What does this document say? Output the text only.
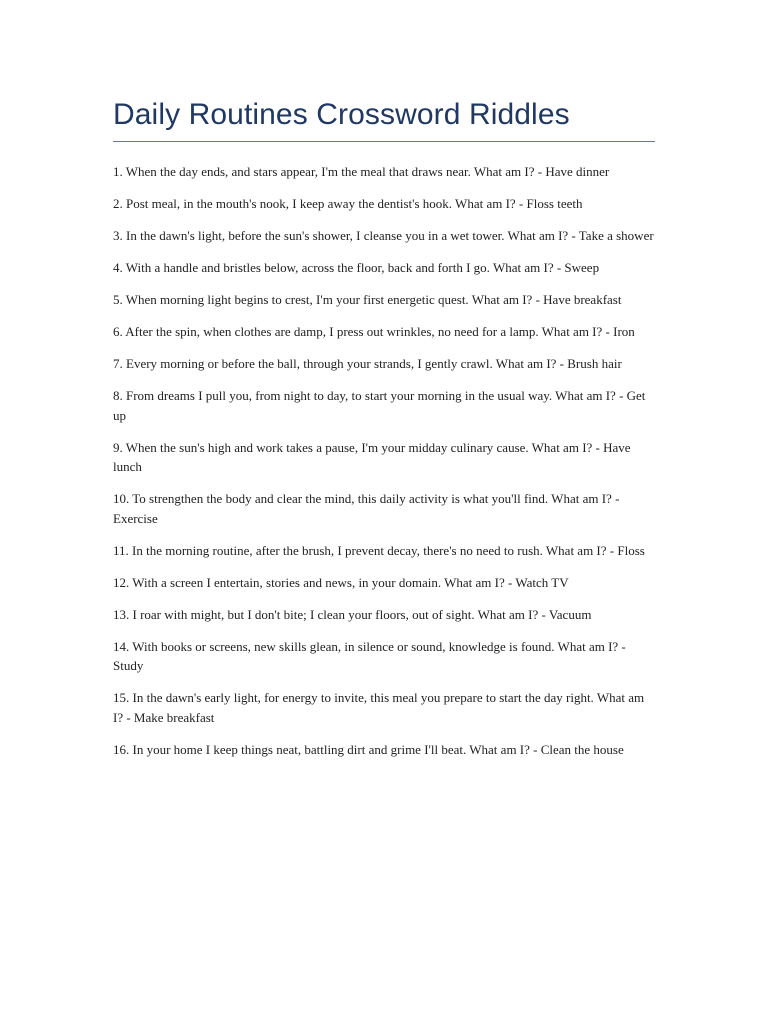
Daily Routines Crossword Riddles

1. When the day ends, and stars appear, I'm the meal that draws near. What am I? - Have dinner

2. Post meal, in the mouth's nook, I keep away the dentist's hook. What am I? - Floss teeth

3. In the dawn's light, before the sun's shower, I cleanse you in a wet tower. What am I? - Take a shower

4. With a handle and bristles below, across the floor, back and forth I go. What am I? - Sweep

5. When morning light begins to crest, I'm your first energetic quest. What am I? - Have breakfast

6. After the spin, when clothes are damp, I press out wrinkles, no need for a lamp. What am I? - Iron

7. Every morning or before the ball, through your strands, I gently crawl. What am I? - Brush hair

8. From dreams I pull you, from night to day, to start your morning in the usual way. What am I? - Get up

9. When the sun's high and work takes a pause, I'm your midday culinary cause. What am I? - Have lunch

10. To strengthen the body and clear the mind, this daily activity is what you'll find. What am I? - Exercise

11. In the morning routine, after the brush, I prevent decay, there's no need to rush. What am I? - Floss

12. With a screen I entertain, stories and news, in your domain. What am I? - Watch TV

13. I roar with might, but I don't bite; I clean your floors, out of sight. What am I? - Vacuum

14. With books or screens, new skills glean, in silence or sound, knowledge is found. What am I? - Study

15. In the dawn's early light, for energy to invite, this meal you prepare to start the day right. What am I? - Make breakfast

16. In your home I keep things neat, battling dirt and grime I'll beat. What am I? - Clean the house
